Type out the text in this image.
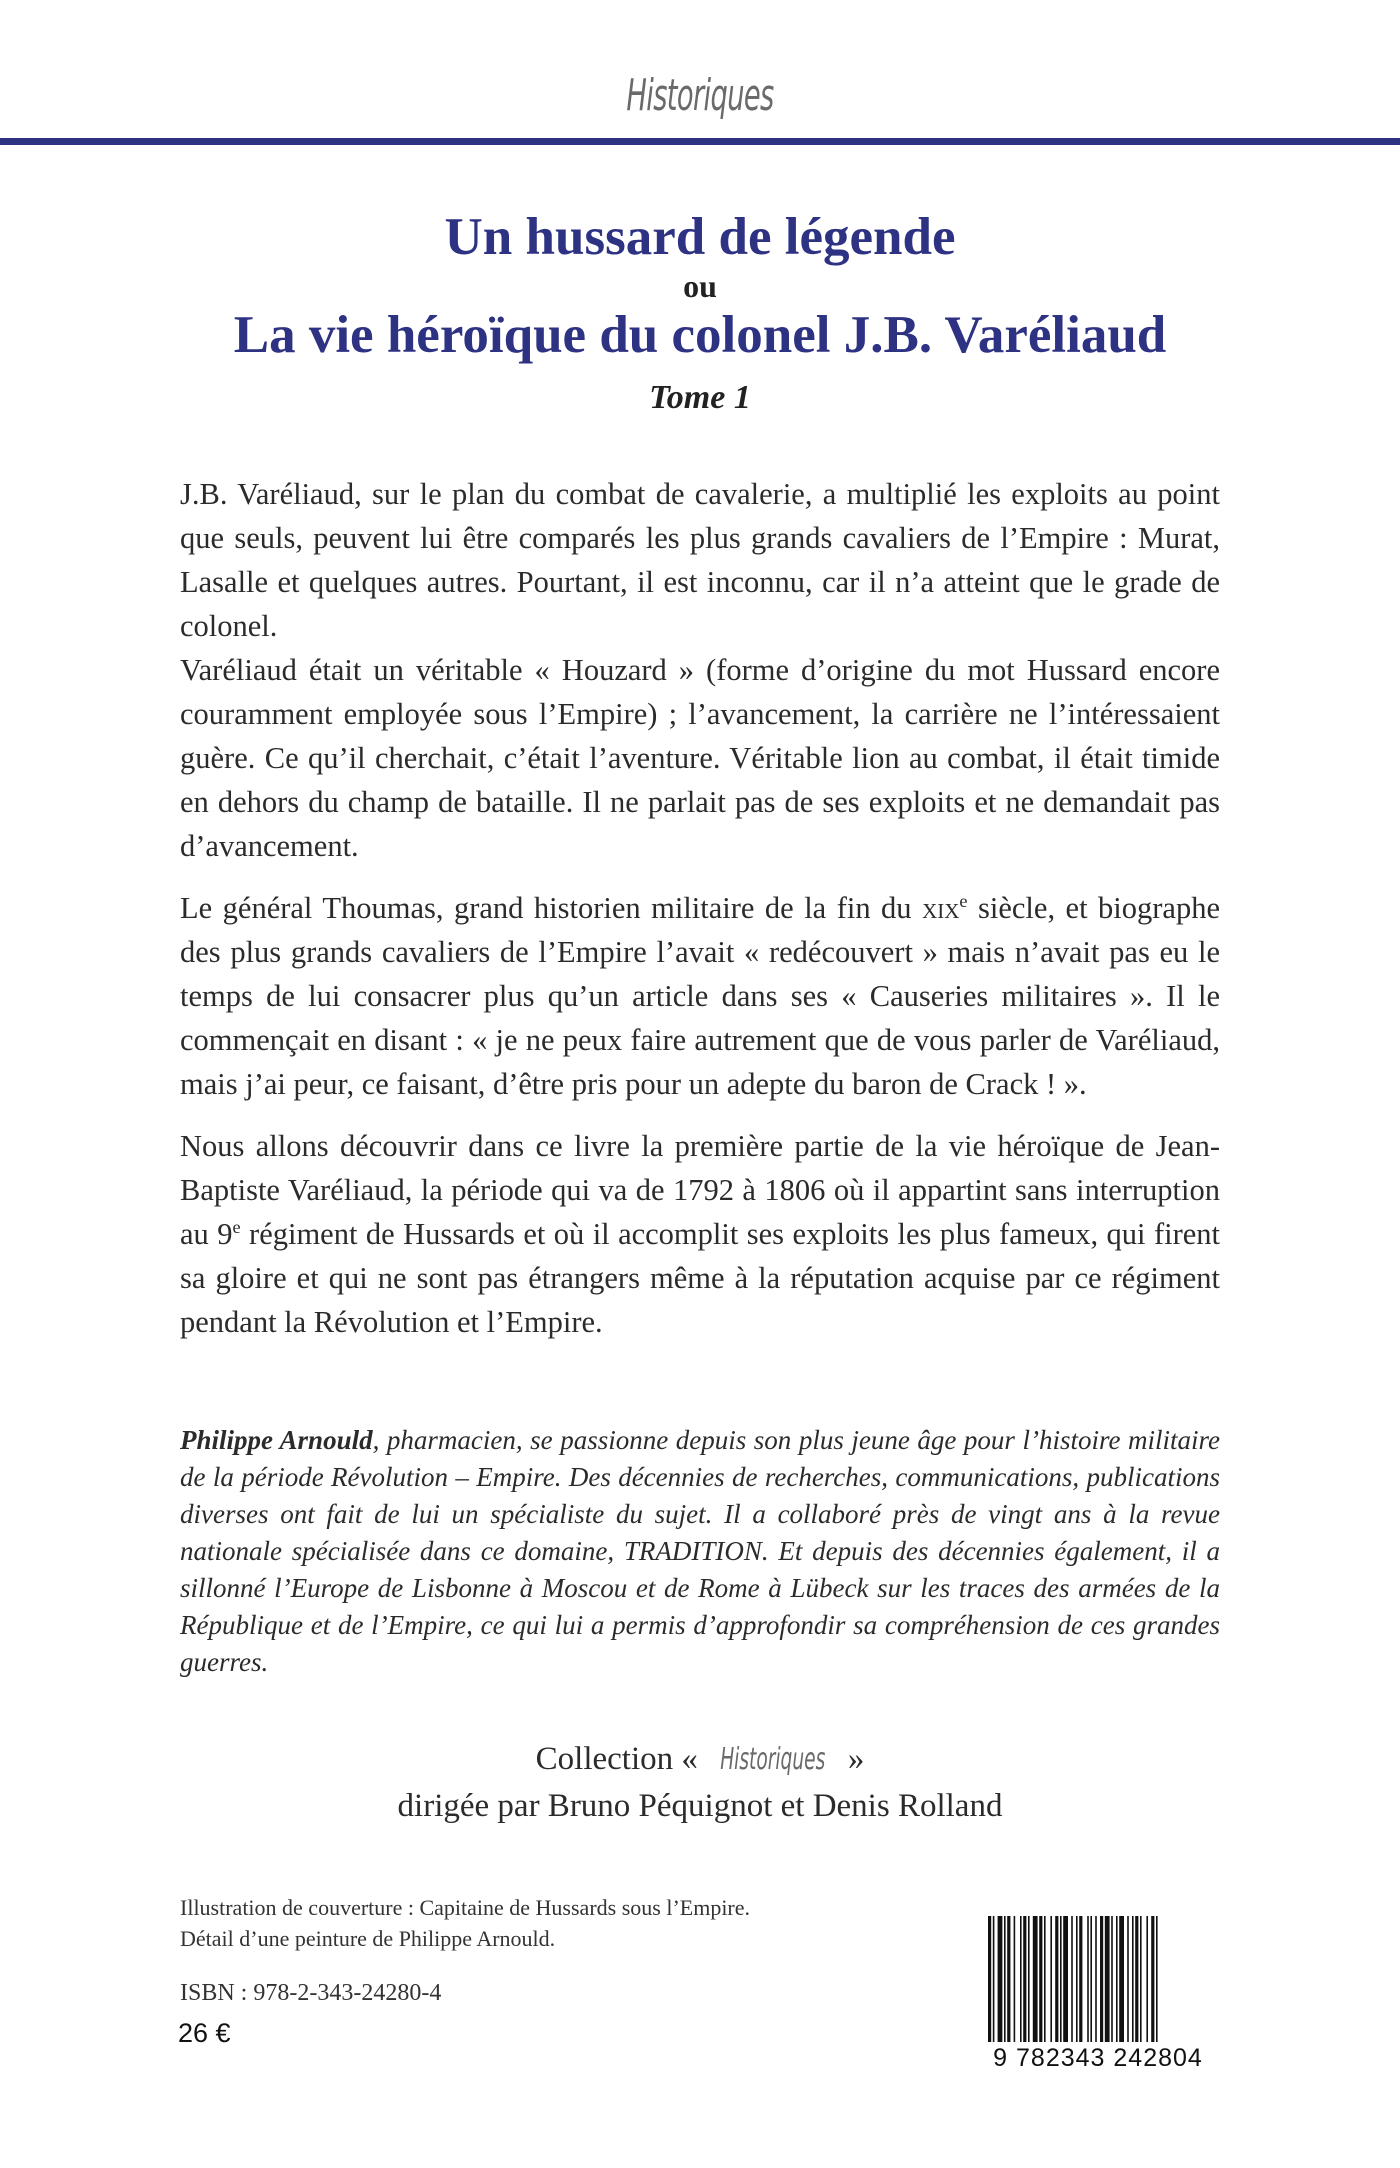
Historiques
Un hussard de légende
ou
La vie héroïque du colonel J.B. Varéliaud
Tome 1

J.B. Varéliaud, sur le plan du combat de cavalerie, a multiplié les exploits au point que seuls, peuvent lui être comparés les plus grands cavaliers de l’Empire : Murat, Lasalle et quelques autres. Pourtant, il est inconnu, car il n’a atteint que le grade de colonel.

Varéliaud était un véritable « Houzard » (forme d’origine du mot Hussard encore couramment employée sous l’Empire) ; l’avancement, la carrière ne l’intéressaient guère. Ce qu’il cherchait, c’était l’aventure. Véritable lion au combat, il était timide en dehors du champ de bataille. Il ne parlait pas de ses exploits et ne demandait pas d’avancement.

Le général Thoumas, grand historien militaire de la fin du xix$^e$ siècle, et biographe des plus grands cavaliers de l’Empire l’avait « redécouvert » mais n’avait pas eu le temps de lui consacrer plus qu’un article dans ses « Causeries militaires ». Il le commençait en disant : « je ne peux faire autrement que de vous parler de Varéliaud, mais j’ai peur, ce faisant, d’être pris pour un adepte du baron de Crack ! ».

Nous allons découvrir dans ce livre la première partie de la vie héroïque de Jean-Baptiste Varéliaud, la période qui va de 1792 à 1806 où il appartint sans interruption au 9e régiment de Hussards et où il accomplit ses exploits les plus fameux, qui firent sa gloire et qui ne sont pas étrangers même à la réputation acquise par ce régiment pendant la Révolution et l’Empire.

Philippe Arnould, pharmacien, se passionne depuis son plus jeune âge pour l’histoire militaire de la période Révolution – Empire. Des décennies de recherches, communications, publications diverses ont fait de lui un spécialiste du sujet. Il a collaboré près de vingt ans à la revue nationale spécialisée dans ce domaine, TRADITION. Et depuis des décennies également, il a sillonné l’Europe de Lisbonne à Moscou et de Rome à Lübeck sur les traces des armées de la République et de l’Empire, ce qui lui a permis d’approfondir sa compréhension de ces grandes guerres.
Collection « Historiques »
dirigée par Bruno Péquignot et Denis Rolland
Illustration de couverture : Capitaine de Hussards sous l’Empire.
Détail d’une peinture de Philippe Arnould.
ISBN : 978-2-343-24280-4
26 €
9 782343 242804
